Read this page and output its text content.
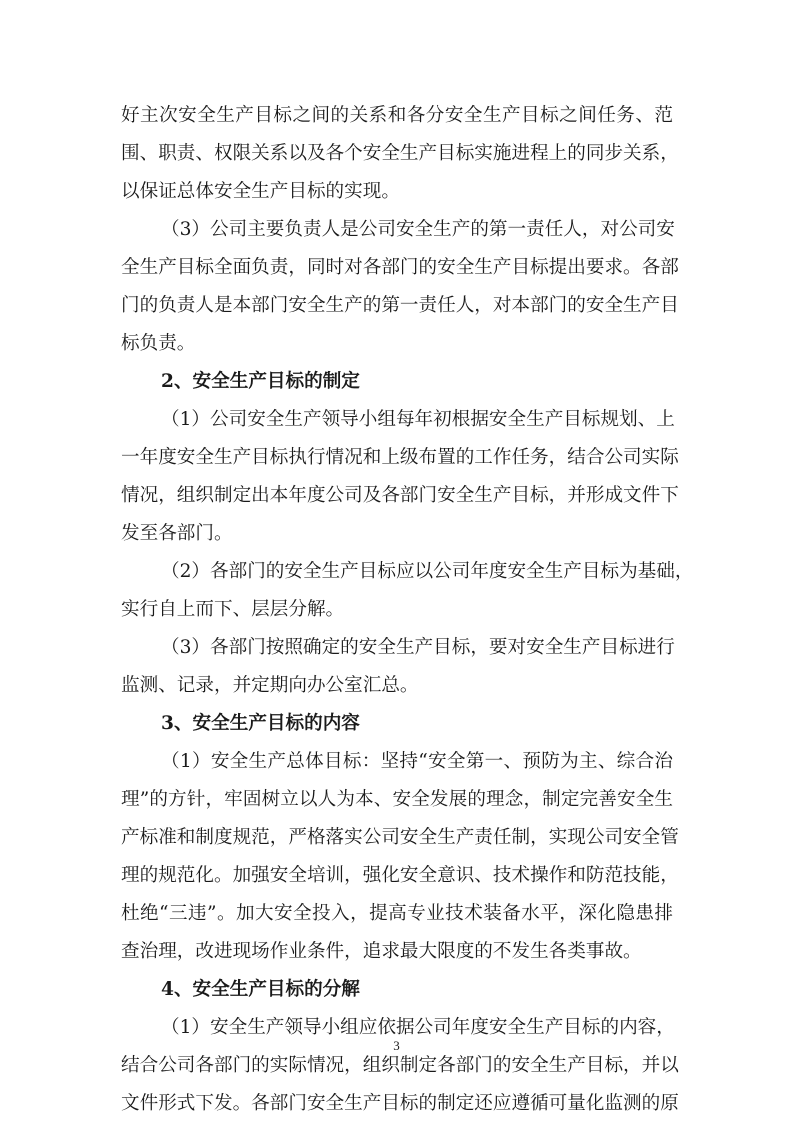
好主次安全生产目标之间的关系和各分安全生产目标之间任务、范
围、职责、权限关系以及各个安全生产目标实施进程上的同步关系，
以保证总体安全生产目标的实现。
（3）公司主要负责人是公司安全生产的第一责任人，对公司安
全生产目标全面负责，同时对各部门的安全生产目标提出要求。各部
门的负责人是本部门安全生产的第一责任人，对本部门的安全生产目
标负责。
2、安全生产目标的制定
（1）公司安全生产领导小组每年初根据安全生产目标规划、上
一年度安全生产目标执行情况和上级布置的工作任务，结合公司实际
情况，组织制定出本年度公司及各部门安全生产目标，并形成文件下
发至各部门。
（2）各部门的安全生产目标应以公司年度安全生产目标为基础，
实行自上而下、层层分解。
（3）各部门按照确定的安全生产目标，要对安全生产目标进行
监测、记录，并定期向办公室汇总。
3、安全生产目标的内容
（1）安全生产总体目标：坚持“安全第一、预防为主、综合治
理”的方针，牢固树立以人为本、安全发展的理念，制定完善安全生
产标准和制度规范，严格落实公司安全生产责任制，实现公司安全管
理的规范化。加强安全培训，强化安全意识、技术操作和防范技能，
杜绝“三违”。加大安全投入，提高专业技术装备水平，深化隐患排
查治理，改进现场作业条件，追求最大限度的不发生各类事故。
4、安全生产目标的分解
（1）安全生产领导小组应依据公司年度安全生产目标的内容，
结合公司各部门的实际情况，组织制定各部门的安全生产目标，并以
文件形式下发。各部门安全生产目标的制定还应遵循可量化监测的原
3
